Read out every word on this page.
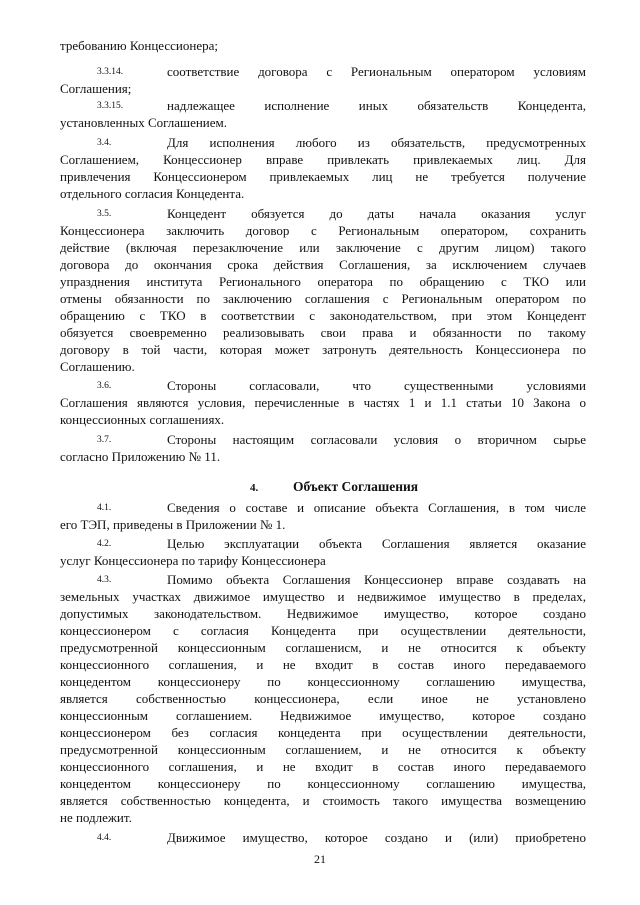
требованию Концессионера;
3.3.14.	соответствие договора с Региональным оператором условиям
Соглашения;
3.3.15.	надлежащее исполнение иных обязательств Концедента,
установленных Соглашением.
3.4.	Для исполнения любого из обязательств, предусмотренных
Соглашением, Концессионер вправе привлекать привлекаемых лиц. Для
привлечения Концессионером привлекаемых лиц не требуется получение
отдельного согласия Концедента.
3.5.	Концедент обязуется до даты начала оказания услуг
Концессионера заключить договор с Региональным оператором, сохранить
действие (включая перезаключение или заключение с другим лицом) такого
договора до окончания срока действия Соглашения, за исключением случаев
упразднения института Регионального оператора по обращению с ТКО или
отмены обязанности по заключению соглашения с Региональным оператором по
обращению с ТКО в соответствии с законодательством, при этом Концедент
обязуется своевременно реализовывать свои права и обязанности по такому
договору в той части, которая может затронуть деятельность Концессионера по
Соглашению.
3.6.	Стороны согласовали, что существенными условиями
Соглашения являются условия, перечисленные в частях 1 и 1.1 статьи 10 Закона о
концессионных соглашениях.
3.7.	Стороны настоящим согласовали условия о вторичном сырье
согласно Приложению № 11.
4.	Объект Соглашения
4.1.	Сведения о составе и описание объекта Соглашения, в том числе
его ТЭП, приведены в Приложении № 1.
4.2.	Целью эксплуатации объекта Соглашения является оказание
услуг Концессионера по тарифу Концессионера
4.3.	Помимо объекта Соглашения Концессионер вправе создавать на
земельных участках движимое имущество и недвижимое имущество в пределах,
допустимых законодательством. Недвижимое имущество, которое создано
концессионером с согласия Концедента при осуществлении деятельности,
предусмотренной концессионным соглашенисм, и не относится к объекту
концессионного соглашения, и не входит в состав иного передаваемого
концедентом концессионеру по концессионному соглашению имущества,
является собственностью концессионера, если иное не установлено
концессионным соглашением. Недвижимое имущество, которое создано
концессионером без согласия концедента при осуществлении деятельности,
предусмотренной концессионным соглашением, и не относится к объекту
концессионного соглашения, и не входит в состав иного передаваемого
концедентом концессионеру по концессионному соглашению имущества,
является собственностью концедента, и стоимость такого имущества возмещению
не подлежит.
4.4.	Движимое имущество, которое создано и (или) приобретено
21
